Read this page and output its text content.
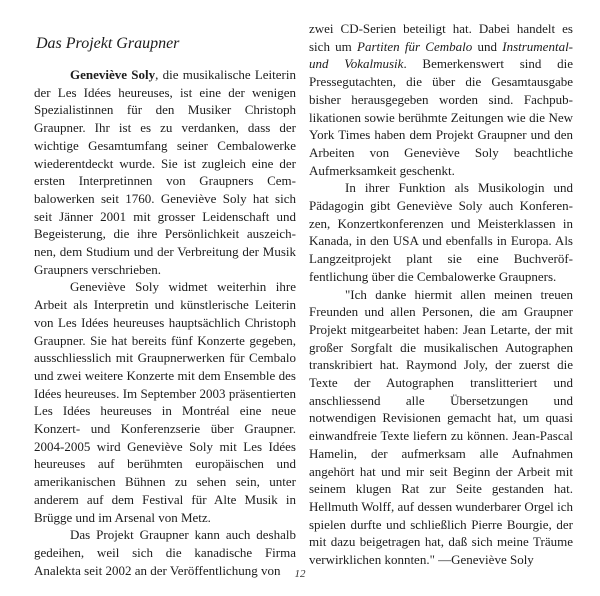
Das Projekt Graupner

Geneviève Soly, die musikalische Leiterin der Les Idées heureuses, ist eine der wenigen Spezialistinnen für den Musiker Christoph Graupner. Ihr ist es zu verdanken, dass der wichtige Gesamtumfang seiner Cembalowerke wiederentdeckt wurde. Sie ist zugleich eine der ersten Interpretinnen von Graupners Cembalowerken seit 1760. Geneviève Soly hat sich seit Jänner 2001 mit grosser Leidenschaft und Begeisterung, die ihre Persönlichkeit auszeichnen, dem Studium und der Verbreitung der Musik Graupners verschrieben.

Geneviève Soly widmet weiterhin ihre Arbeit als Interpretin und künstlerische Leiterin von Les Idées heureuses hauptsächlich Christoph Graupner. Sie hat bereits fünf Konzerte gegeben, ausschliesslich mit Graupnerwerken für Cembalo und zwei weitere Konzerte mit dem Ensemble des Idées heureuses. Im September 2003 präsentierten Les Idées heureuses in Montréal eine neue Konzert- und Konferenzserie über Graupner. 2004-2005 wird Geneviève Soly mit Les Idées heureuses auf berühmten europäischen und amerikanischen Bühnen zu sehen sein, unter anderem auf dem Festival für Alte Musik in Brügge und im Arsenal von Metz.

Das Projekt Graupner kann auch deshalb gedeihen, weil sich die kanadische Firma Analekta seit 2002 an der Veröffentlichung von

zwei CD-Serien beteiligt hat. Dabei handelt es sich um Partiten für Cembalo und Instrumental- und Vokalmusik. Bemerkenswert sind die Pressegutachten, die über die Gesamtausgabe bisher herausgegeben worden sind. Fachpublikationen sowie berühmte Zeitungen wie die New York Times haben dem Projekt Graupner und den Arbeiten von Geneviève Soly beachtliche Aufmerksamkeit geschenkt.

In ihrer Funktion als Musikologin und Pädagogin gibt Geneviève Soly auch Konferenzen, Konzertkonferenzen und Meisterklassen in Kanada, in den USA und ebenfalls in Europa. Als Langzeitprojekt plant sie eine Buchveröffentlichung über die Cembalowerke Graupners.

"Ich danke hiermit allen meinen treuen Freunden und allen Personen, die am Graupner Projekt mitgearbeitet haben: Jean Letarte, der mit großer Sorgfalt die musikalischen Autographen transkribiert hat. Raymond Joly, der zuerst die Texte der Autographen translitteriert und anschliessend alle Übersetzungen und notwendigen Revisionen gemacht hat, um quasi einwandfreie Texte liefern zu können. Jean-Pascal Hamelin, der aufmerksam alle Aufnahmen angehört hat und mir seit Beginn der Arbeit mit seinem klugen Rat zur Seite gestanden hat. Hellmuth Wolff, auf dessen wunderbarer Orgel ich spielen durfte und schließlich Pierre Bourgie, der mit dazu beigetragen hat, daß sich meine Träume verwirklichen konnten." —Geneviève Soly

12
